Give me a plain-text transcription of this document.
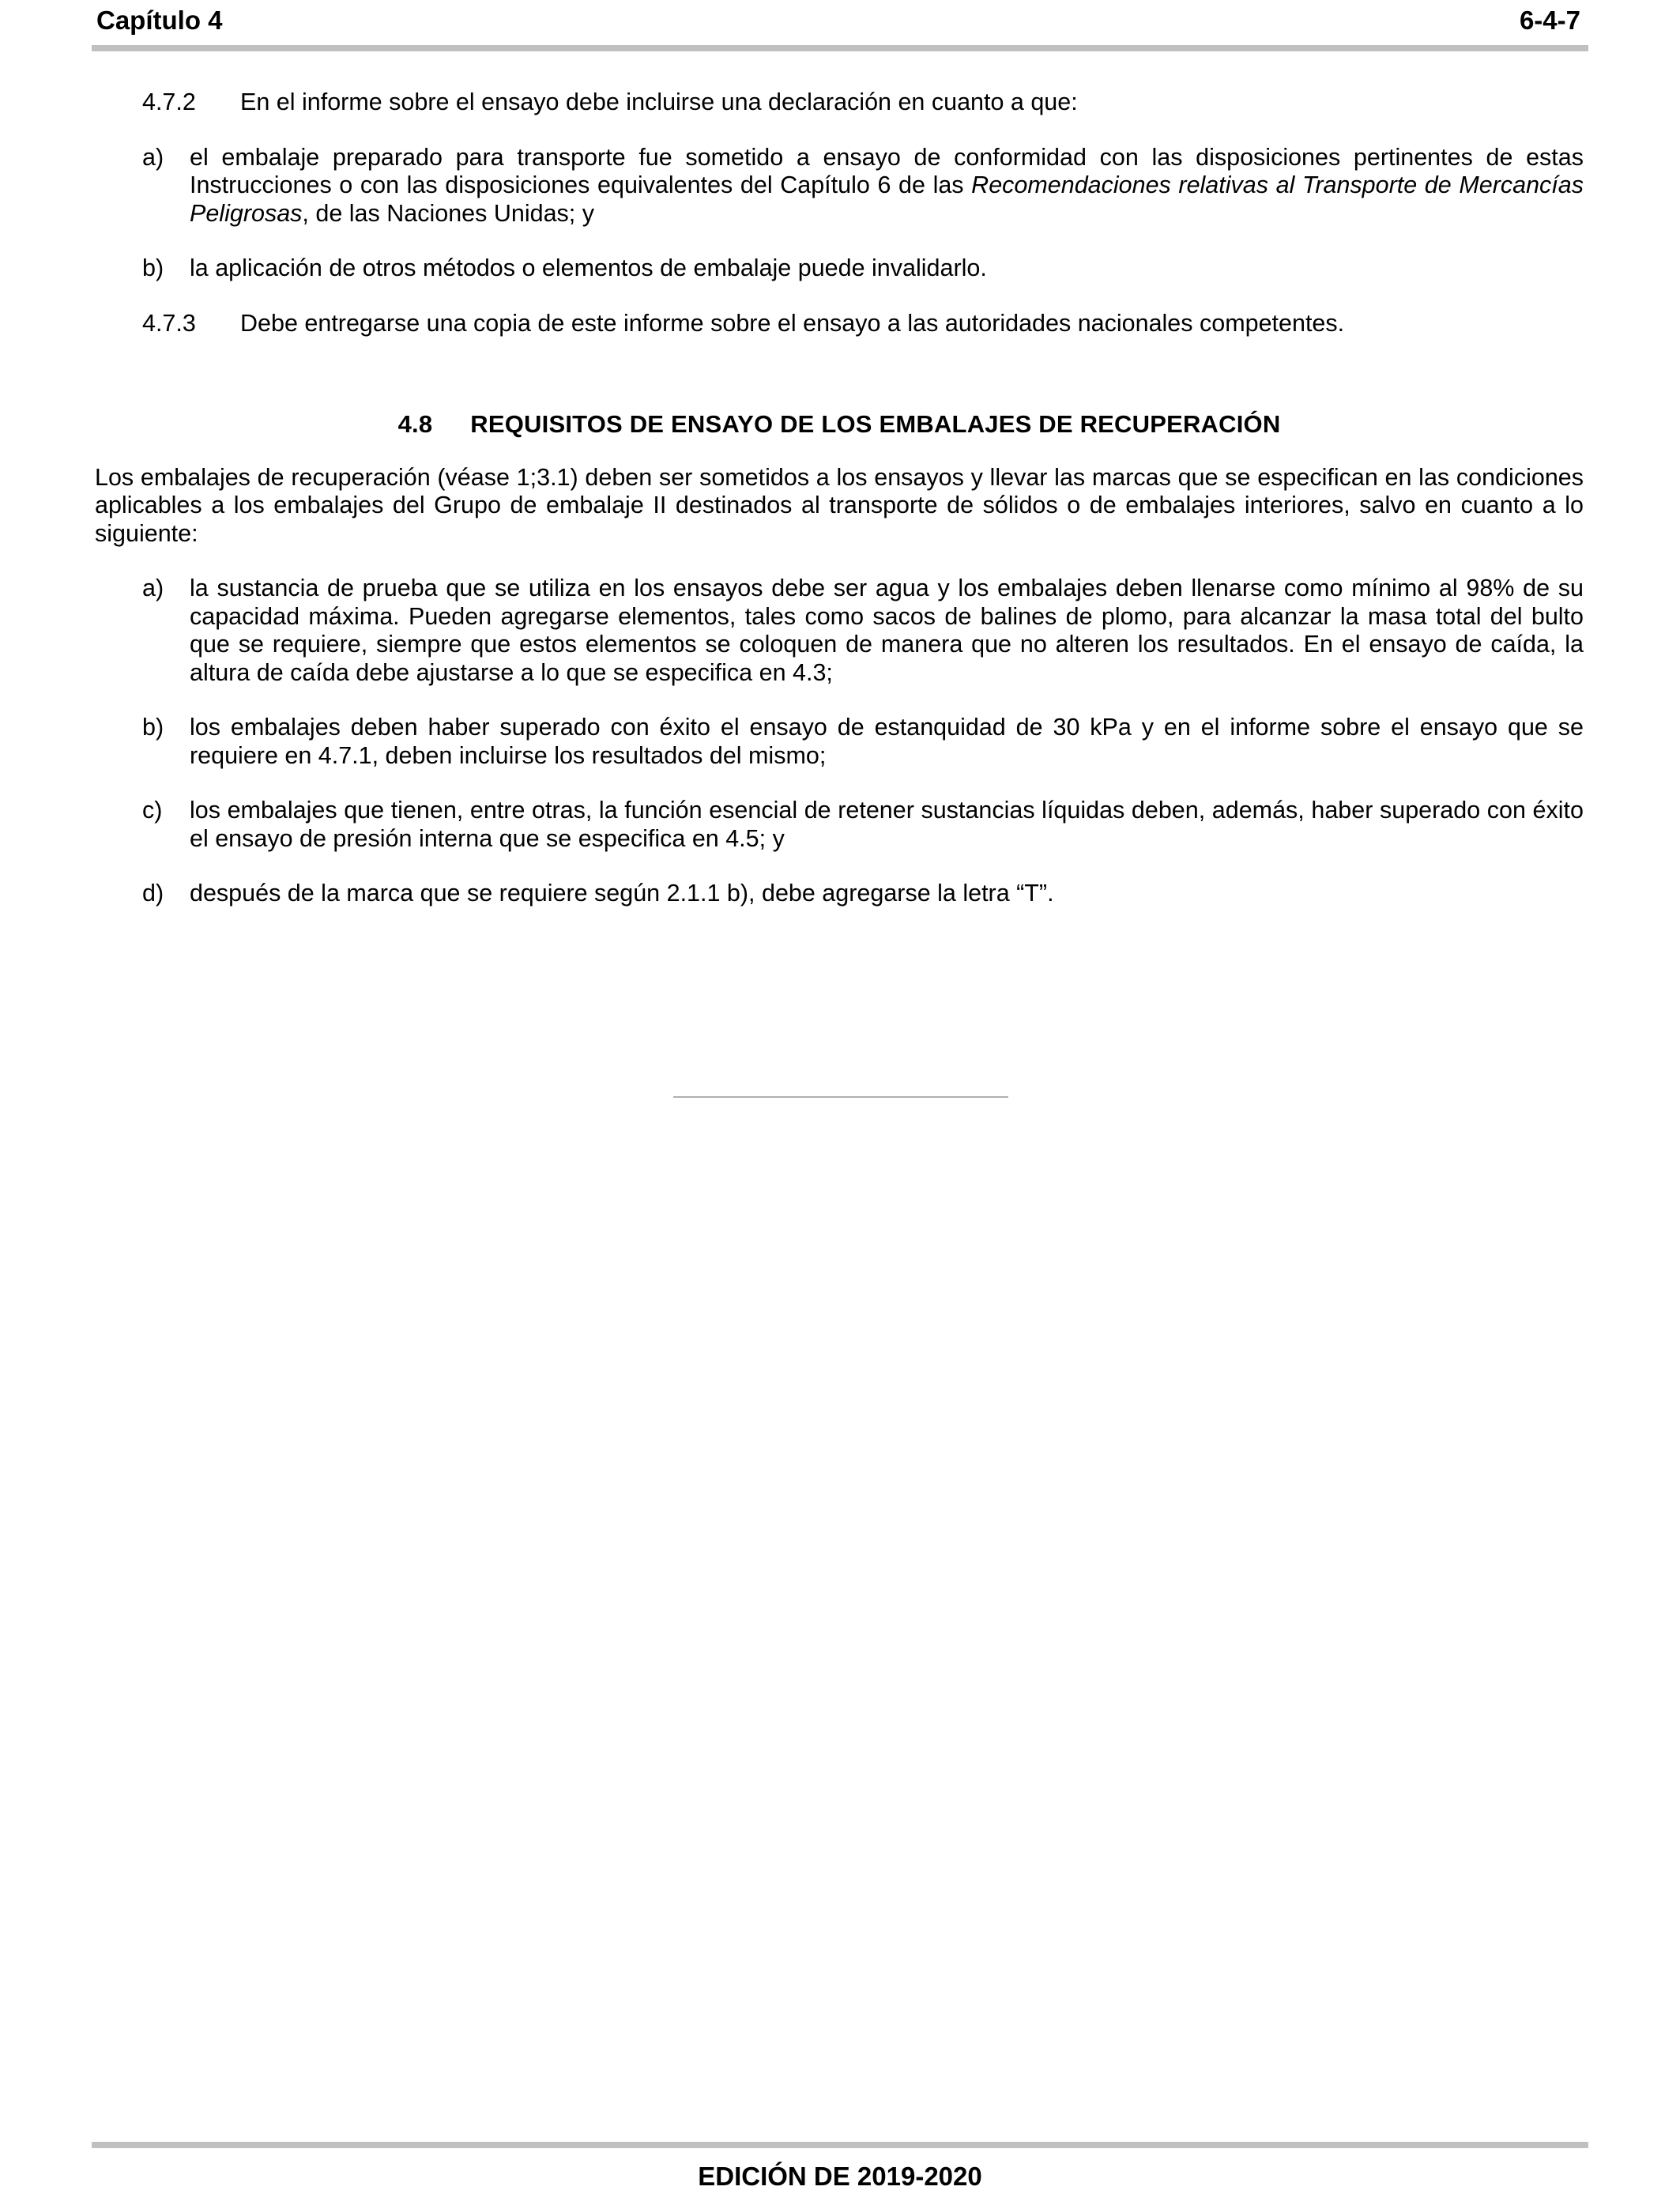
Capítulo 4	6-4-7
4.7.2	En el informe sobre el ensayo debe incluirse una declaración en cuanto a que:
a)	el embalaje preparado para transporte fue sometido a ensayo de conformidad con las disposiciones pertinentes de estas Instrucciones o con las disposiciones equivalentes del Capítulo 6 de las Recomendaciones relativas al Transporte de Mercancías Peligrosas, de las Naciones Unidas; y
b)	la aplicación de otros métodos o elementos de embalaje puede invalidarlo.
4.7.3	Debe entregarse una copia de este informe sobre el ensayo a las autoridades nacionales competentes.
4.8 REQUISITOS DE ENSAYO DE LOS EMBALAJES DE RECUPERACIÓN

Los embalajes de recuperación (véase 1;3.1) deben ser sometidos a los ensayos y llevar las marcas que se especifican en las condiciones aplicables a los embalajes del Grupo de embalaje II destinados al transporte de sólidos o de embalajes interiores, salvo en cuanto a lo siguiente:

a)	la sustancia de prueba que se utiliza en los ensayos debe ser agua y los embalajes deben llenarse como mínimo al 98% de su capacidad máxima. Pueden agregarse elementos, tales como sacos de balines de plomo, para alcanzar la masa total del bulto que se requiere, siempre que estos elementos se coloquen de manera que no alteren los resultados. En el ensayo de caída, la altura de caída debe ajustarse a lo que se especifica en 4.3;
b)	los embalajes deben haber superado con éxito el ensayo de estanquidad de 30 kPa y en el informe sobre el ensayo que se requiere en 4.7.1, deben incluirse los resultados del mismo;
c)	los embalajes que tienen, entre otras, la función esencial de retener sustancias líquidas deben, además, haber superado con éxito el ensayo de presión interna que se especifica en 4.5; y
d)	después de la marca que se requiere según 2.1.1 b), debe agregarse la letra “T”.
EDICIÓN DE 2019-2020
